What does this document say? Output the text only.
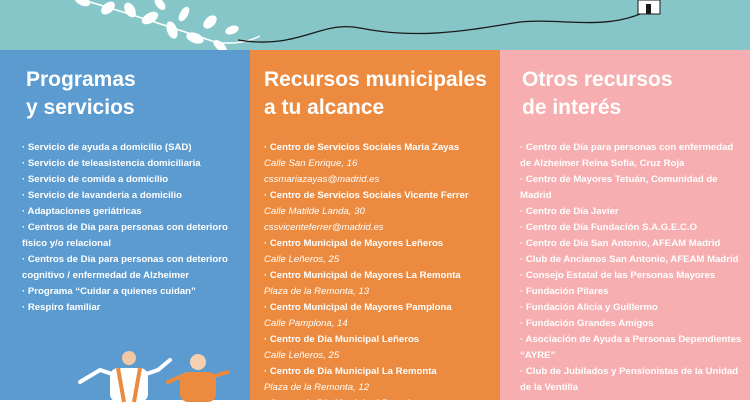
Programas
y servicios
· Servicio de ayuda a domicilio (SAD)
· Servicio de teleasistencia domiciliaria
· Servicio de comida a domicilio
· Servicio de lavandería a domicilio
· Adaptaciones geriátricas
· Centros de Día para personas con deterioro físico y/o relacional
· Centros de Día para personas con deterioro cognitivo / enfermedad de Alzheimer
· Programa “Cuidar a quienes cuidan”
· Respiro familiar
Recursos municipales
a tu alcance
· Centro de Servicios Sociales María Zayas
Calle San Enrique, 16
cssmariazayas@madrid.es
· Centro de Servicios Sociales Vicente Ferrer
Calle Matilde Landa, 30
cssvicenteferrer@madrid.es
· Centro Municipal de Mayores Leñeros
Calle Leñeros, 25
· Centro Municipal de Mayores La Remonta
Plaza de la Remonta, 13
· Centro Municipal de Mayores Pamplona
Calle Pamplona, 14
· Centro de Día Municipal Leñeros
Calle Leñeros, 25
· Centro de Día Municipal La Remonta
Plaza de la Remonta, 12
· Centro de Día Municipal Pamplona
Otros recursos
de interés
· Centro de Día para personas con enfermedad de Alzheimer Reina Sofía, Cruz Roja
· Centro de Mayores Tetuán, Comunidad de Madrid
· Centro de Día Javier
· Centro de Día Fundación S.A.G.E.C.O
· Centro de Día San Antonio, AFEAM Madrid
· Club de Ancianos San Antonio, AFEAM Madrid
· Consejo Estatal de las Personas Mayores
· Fundación Pilares
· Fundación Alicia y Guillermo
· Fundación Grandes Amigos
· Asociación de Ayuda a Personas Dependientes “AYRE”
· Club de Jubilados y Pensionistas de la Unidad de la Ventilla
